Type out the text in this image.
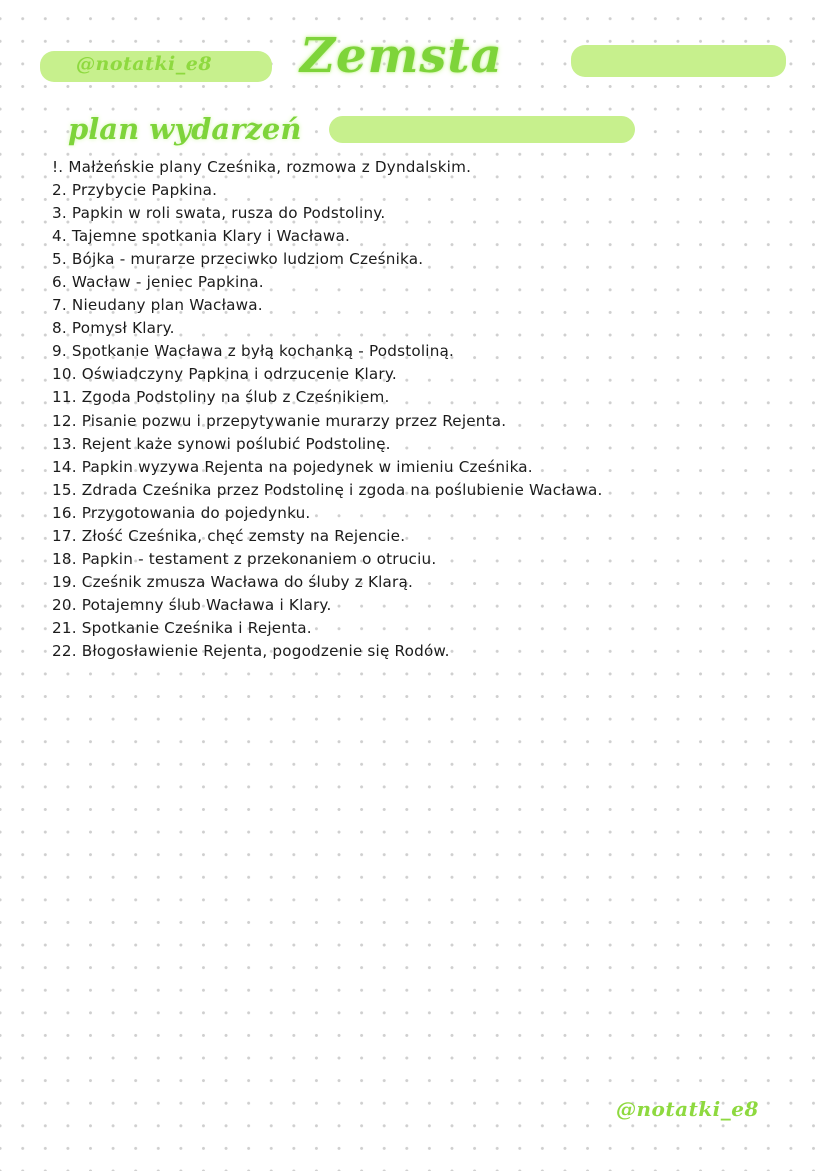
@notatki_e8 Zemsta
plan wydarzeń
!. Małżeńskie plany Cześnika, rozmowa z Dyndalskim.
2. Przybycie Papkina.
3. Papkin w roli swata, rusza do Podstoliny.
4. Tajemne spotkania Klary i Wacława.
5. Bójka - murarze przeciwko ludziom Cześnika.
6. Wacław - jeniec Papkina.
7. Nieudany plan Wacława.
8. Pomysł Klary.
9. Spotkanie Wacława z byłą kochanką - Podstoliną.
10. Oświadczyny Papkina i odrzucenie Klary.
11. Zgoda Podstoliny na ślub z Cześnikiem.
12. Pisanie pozwu i przepytywanie murarzy przez Rejenta.
13. Rejent każe synowi poślubić Podstolinę.
14. Papkin wyzywa Rejenta na pojedynek w imieniu Cześnika.
15. Zdrada Cześnika przez Podstolinę i zgoda na poślubienie Wacława.
16. Przygotowania do pojedynku.
17. Złość Cześnika, chęć zemsty na Rejencie.
18. Papkin - testament z przekonaniem o otruciu.
19. Cześnik zmusza Wacława do śluby z Klarą.
20. Potajemny ślub Wacława i Klary.
21. Spotkanie Cześnika i Rejenta.
22. Błogosławienie Rejenta, pogodzenie się Rodów.
@notatki_e8
